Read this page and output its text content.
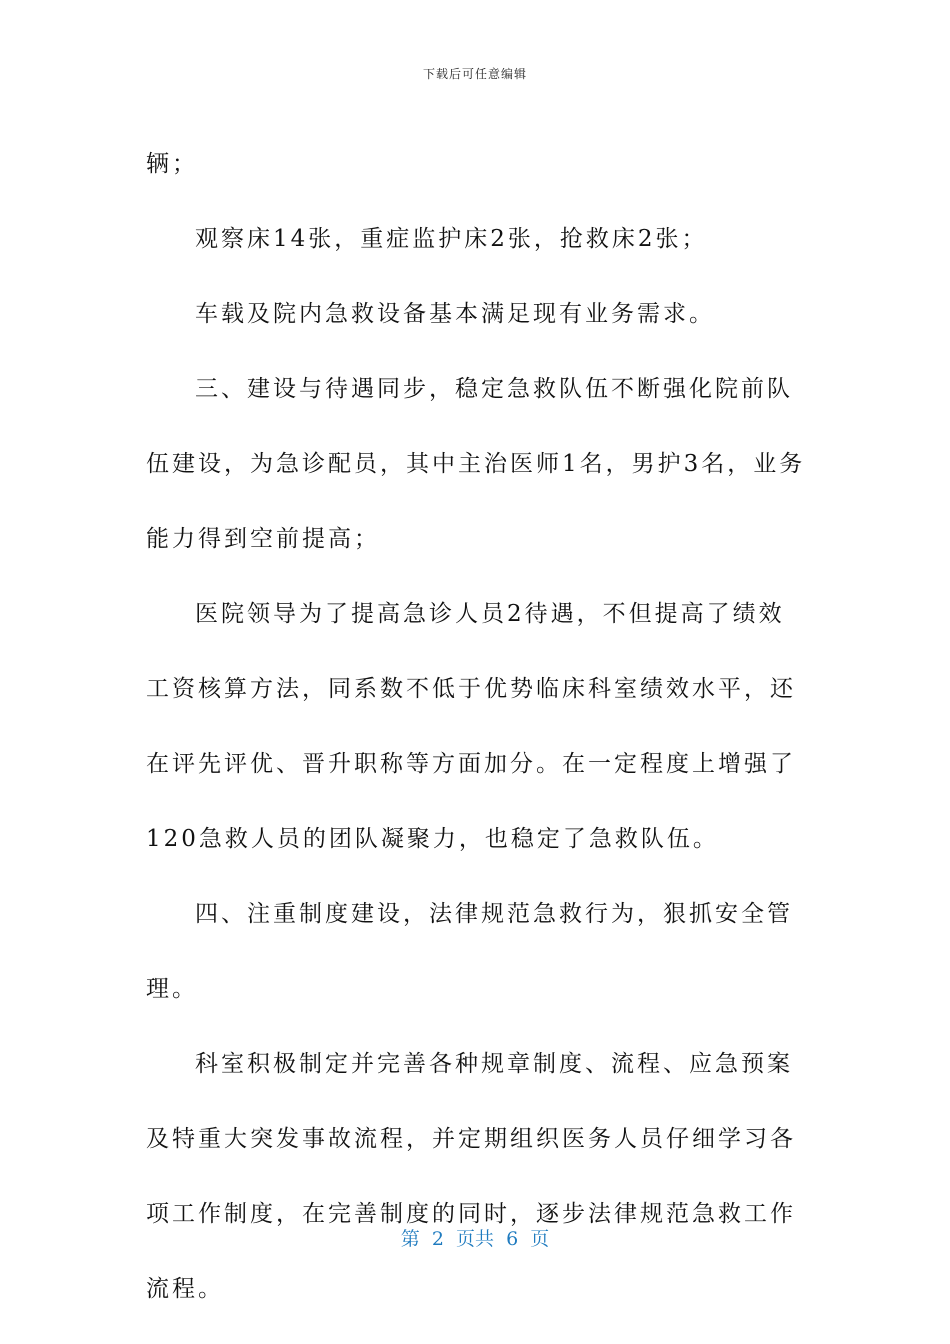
下载后可任意编辑

辆；

观察床14张，重症监护床2张，抢救床2张；

车载及院内急救设备基本满足现有业务需求。

三、建设与待遇同步，稳定急救队伍不断强化院前队伍建设，为急诊配员，其中主治医师1名，男护3名，业务能力得到空前提高；

医院领导为了提高急诊人员2待遇，不但提高了绩效工资核算方法，同系数不低于优势临床科室绩效水平，还在评先评优、晋升职称等方面加分。在一定程度上增强了120急救人员的团队凝聚力，也稳定了急救队伍。

四、注重制度建设，法律规范急救行为，狠抓安全管理。

科室积极制定并完善各种规章制度、流程、应急预案及特重大突发事故流程，并定期组织医务人员仔细学习各项工作制度，在完善制度的同时，逐步法律规范急救工作流程。

第  2  页共  6  页
